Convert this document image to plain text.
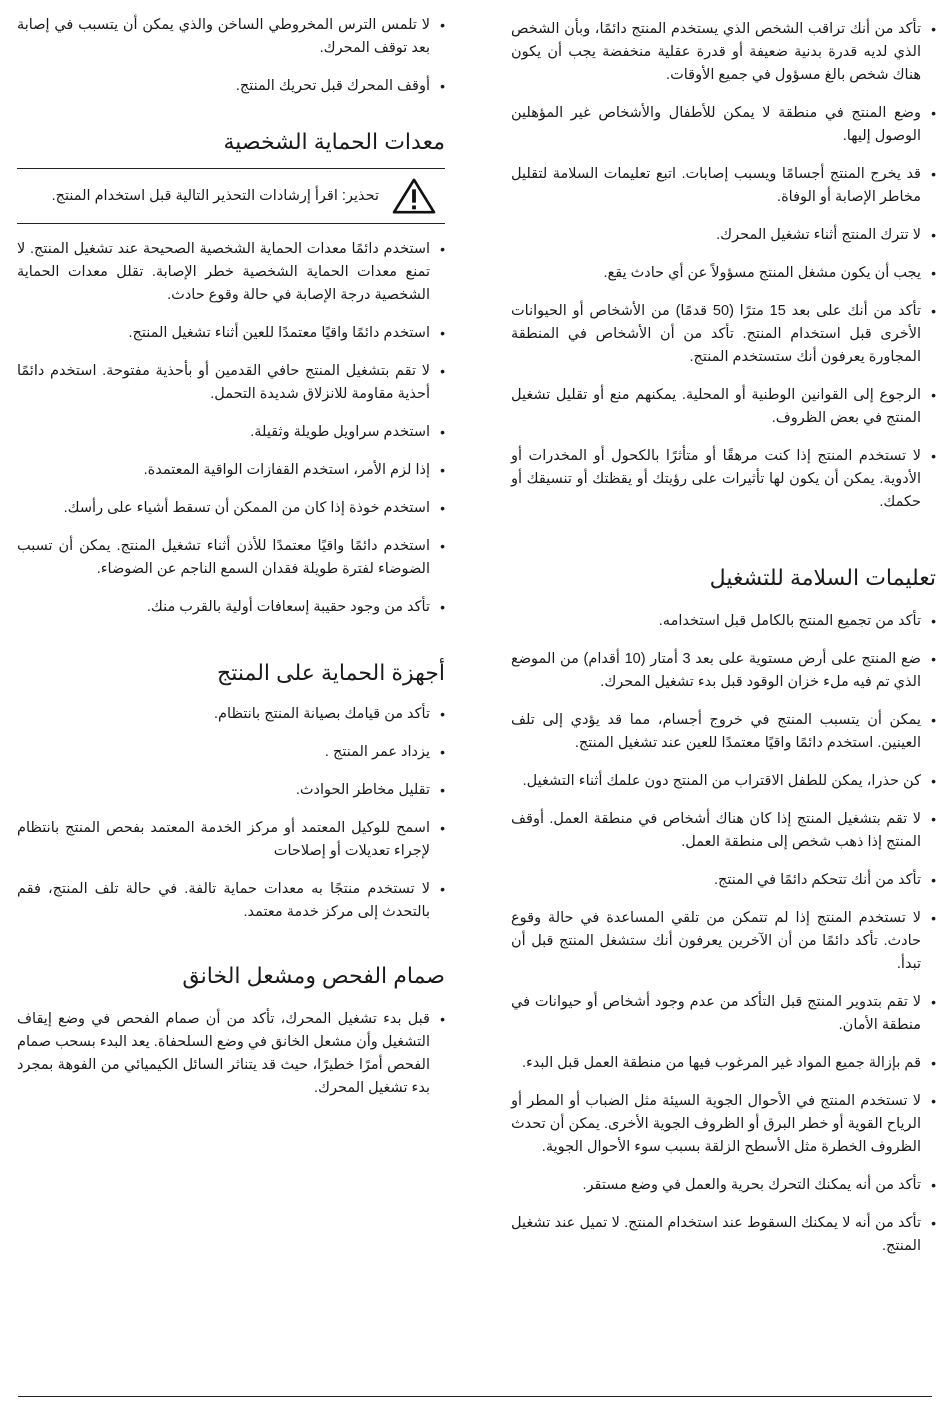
• تأكد من أنك تراقب الشخص الذي يستخدم المنتج دائمًا، وبأن الشخص الذي لديه قدرة بدنية ضعيفة أو قدرة عقلية منخفضة يجب أن يكون هناك شخص بالغ مسؤول في جميع الأوقات.
• وضع المنتج في منطقة لا يمكن للأطفال والأشخاص غير المؤهلين الوصول إليها.
• قد يخرج المنتج أجسامًا ويسبب إصابات. اتبع تعليمات السلامة لتقليل مخاطر الإصابة أو الوفاة.
• لا تترك المنتج أثناء تشغيل المحرك.
• يجب أن يكون مشغل المنتج مسؤولاً عن أي حادث يقع.
• تأكد من أنك على بعد 15 مترًا (50 قدمًا) من الأشخاص أو الحيوانات الأخرى قبل استخدام المنتج. تأكد من أن الأشخاص في المنطقة المجاورة يعرفون أنك ستستخدم المنتج.
• الرجوع إلى القوانين الوطنية أو المحلية. يمكنهم منع أو تقليل تشغيل المنتج في بعض الظروف.
• لا تستخدم المنتج إذا كنت مرهقًا أو متأثرًا بالكحول أو المخدرات أو الأدوية. يمكن أن يكون لها تأثيرات على رؤيتك أو يقظتك أو تنسيقك أو حكمك.
تعليمات السلامة للتشغيل
• تأكد من تجميع المنتج بالكامل قبل استخدامه.
• ضع المنتج على أرض مستوية على بعد 3 أمتار (10 أقدام) من الموضع الذي تم فيه ملء خزان الوقود قبل بدء تشغيل المحرك.
• يمكن أن يتسبب المنتج في خروج أجسام، مما قد يؤدي إلى تلف العينين. استخدم دائمًا واقيًا معتمدًا للعين عند تشغيل المنتج.
• كن حذرا، يمكن للطفل الاقتراب من المنتج دون علمك أثناء التشغيل.
• لا تقم بتشغيل المنتج إذا كان هناك أشخاص في منطقة العمل. أوقف المنتج إذا ذهب شخص إلى منطقة العمل.
• تأكد من أنك تتحكم دائمًا في المنتج.
• لا تستخدم المنتج إذا لم تتمكن من تلقي المساعدة في حالة وقوع حادث. تأكد دائمًا من أن الآخرين يعرفون أنك ستشغل المنتج قبل أن تبدأ.
• لا تقم بتدوير المنتج قبل التأكد من عدم وجود أشخاص أو حيوانات في منطقة الأمان.
• قم بإزالة جميع المواد غير المرغوب فيها من منطقة العمل قبل البدء.
• لا تستخدم المنتج في الأحوال الجوية السيئة مثل الضباب أو المطر أو الرياح القوية أو خطر البرق أو الظروف الجوية الأخرى. يمكن أن تحدث الظروف الخطرة مثل الأسطح الزلقة بسبب سوء الأحوال الجوية.
• تأكد من أنه يمكنك التحرك بحرية والعمل في وضع مستقر.
• تأكد من أنه لا يمكنك السقوط عند استخدام المنتج. لا تميل عند تشغيل المنتج.
• لا تلمس الترس المخروطي الساخن والذي يمكن أن يتسبب في إصابة بعد توقف المحرك.
• أوقف المحرك قبل تحريك المنتج.
معدات الحماية الشخصية
تحذير: اقرأ إرشادات التحذير التالية قبل استخدام المنتج.
• استخدم دائمًا معدات الحماية الشخصية الصحيحة عند تشغيل المنتج. لا تمنع معدات الحماية الشخصية خطر الإصابة. تقلل معدات الحماية الشخصية درجة الإصابة في حالة وقوع حادث.
• استخدم دائمًا واقيًا معتمدًا للعين أثناء تشغيل المنتج.
• لا تقم بتشغيل المنتج حافي القدمين أو بأحذية مفتوحة. استخدم دائمًا أحذية مقاومة للانزلاق شديدة التحمل.
• استخدم سراويل طويلة وثقيلة.
• إذا لزم الأمر، استخدم القفازات الواقية المعتمدة.
• استخدم خوذة إذا كان من الممكن أن تسقط أشياء على رأسك.
• استخدم دائمًا واقيًا معتمدًا للأذن أثناء تشغيل المنتج. يمكن أن تسبب الضوضاء لفترة طويلة فقدان السمع الناجم عن الضوضاء.
• تأكد من وجود حقيبة إسعافات أولية بالقرب منك.
أجهزة الحماية على المنتج
• تأكد من قيامك بصيانة المنتج بانتظام.
• يزداد عمر المنتج .
• تقليل مخاطر الحوادث.
• اسمح للوكيل المعتمد أو مركز الخدمة المعتمد بفحص المنتج بانتظام لإجراء تعديلات أو إصلاحات
• لا تستخدم منتجًا به معدات حماية تالفة. في حالة تلف المنتج، فقم بالتحدث إلى مركز خدمة معتمد.
صمام الفحص ومشعل الخانق
• قبل بدء تشغيل المحرك، تأكد من أن صمام الفحص في وضع إيقاف التشغيل وأن مشعل الخانق في وضع السلحفاة. يعد البدء بسحب صمام الفحص أمرًا خطيرًا، حيث قد يتناثر السائل الكيميائي من الفوهة بمجرد بدء تشغيل المحرك.
